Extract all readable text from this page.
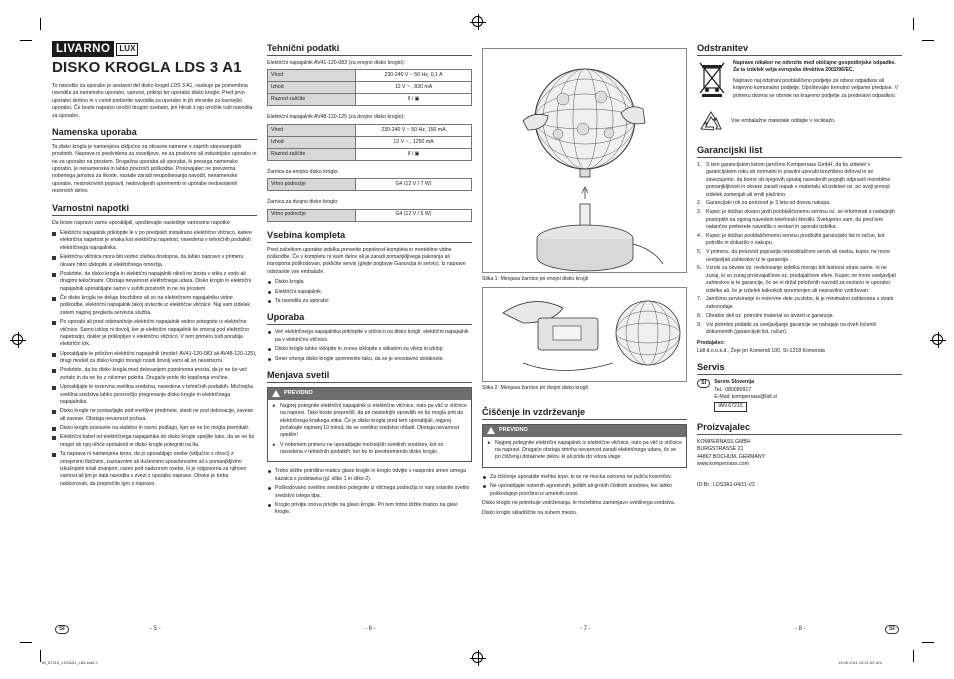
LIVARNO	LUX
DISKO KROGLA LDS 3 A1

To navodilo za uporabo je sestavni del diskо krogel LDS 3 A1, vsebuje pa pomembna navodila za namensko uporabo, varnost, priklop ter uporabo disko krogle. Pred prvo uporabo skrbno in v celoti preberite navodila za uporabo in jih shranite za kasnejšo uporabo. Če boste napravo izročili drugim osebam, jim hkrati z njo izročite tudi navodila za uporabo.

Namenska uporaba

Ta disko krogla je namenjena izključno za okrasne namene v zaprtih stanovanjskih prostorih. Naprava ni predvidena za osvetljevo, ne za poslovno ali industrijsko uporabo in ne za uporabo na prostem. Drugačna uporaba ali uporaba, ki presega namensko uporabo, je nenamenska in lahko povzroči poškodbe. Proizvajalec ne prevzema nobenega jamstva za škode, nastale zaradi neupoštevanja navodil, nenamenske uporabe, nestrokovnih popravil, nedovoljenih sprememb in uporabe nedovoljenih rezervnih delov.

Varnostni napotki

Da boste napravo varno uporabljali, upoštevajte naslednje varnostne napotke:

Električni napajalnik priklopite le v po predpisih instalirano električno vtičnico, katere električna napetost je enaka kot električna napetost, navedena v tehničnih podatkih električnega napajalnika.
Električna vtičnica mora biti vedno zlahka dostopna, da lahko napravo v primeru okvare hitro izklopite iz električnega omrežja.
Poskrbite, da disko krogla in električni napajalnik nikoli ne bosta v stiku z vodo ali drugimi tekočinami. Obstaja nevarnost električnega udara. Disko kroglo in električni napajalnik uporabljajte samo v suhih prostorih in ne na prostem.
Če disko krogla ne deluje brezhibno ali so na električnem napajalniku vidne poškodbe, električni napajalnik takoj izvlecite iz električne vtičnice. Naj vam izdelek zatem najprej pregleda servisna služba.
Po uporabi ali pred odstranitvijo električni napajalnik vedno potegnite iz električne vtičnice. Samo izklop ni dovolj, ker je električni napajalnik še zmeraj pod električno napetostjo, dokler je priklopljen v električno vtičnico. V tem primeru tudi porablja električni tok.
Uporabljajte le priložen električni napajalnik (model: AV41-120-083 ali AV48-120-125), drugi modeli za disko kroglo morajo nositi dovolj varni ali so neustrezni.
Poskrbite, da bo disko krogla med delovanjem popolnoma prosta, da je ne bo več zvrtalo in da ne bo z ničemer pokrita. Drugače pride do kopičenja vročine.
Uporabljajte le rezervna svetilna sredstva, navedena v tehničnih podatkih. Močnejša svetilna sredstva lahko povzročijo pregrevanje disko krogle in električnega napajalnika.
Disko krogle ne postavljajte pod vnetljive predmete, zlasti ne pod dekoracije, zavese ali zavese. Obstaja nevarnost požara.
Disko kroglo postavite na stabilno in ravno podlago, kjer se ne bo mogla premikati.
Električni kabel od električnega napajalnika do disko krogle speljite tako, da se ne bo mogel ob njej nihče spotakniti in disko krogle potegniti na tla.
Ta naprava ni namenjena temu, da jo uporabljajo osebe (vključno z otroci) z omejenimi fizičnimi, zaznavnimi ali duševnimi sposobnostmi ali s pomanjkljivimi izkušnjami in/ali znanjem, razen pod nadzorom osebe, ki je odgovorna za njihovo varnost ali jim je dala navodila v zvezi z uporabo naprave. Otroke je treba nadzorovati, da preprečite igro z napravo.
Tehnični podatki
Električni napajalnik AV41-120-083 (za enojno disko kroglo):
Vhod	230-240 V ~ 50 Hz, 0,1 A
Izhod	12 V ~ , 830 mA
Razred zaščite	II / ▣
Električni napajalnik AV48-120-125 (za dvojno disko kroglo):
Vhod	230-240 V ~ 50 Hz, 150 mA
Izhod	12 V ~ , 1250 mA
Razred zaščite	II / ▣
Žarnica za enojno disko kroglo:
Vrtno podnožje	G4 (12 V / 7 W)
Žarnica za dvojno disko kroglo:
Vrtno podnožje	G4 (12 V / 5 W)
Vsebina kompleta

Pred začetkom uporabe izdelka preverite popolnost kompleta in morebitne vidne poškodbe. Če v kompletu ni vseh delov ali je zaradi pomanjkljivega pakiranja ali transporta poškodovan, pokličite servis (glejte poglavje Garancija in servis). Iz naprave odstranite vse embalaže.

Disko krogla
Električni napajalnik
Ta navodila za uporabo
Uporaba
Več električnega napajalnika priklopite v vtičnico na disko krogli; električni napajalnik pa v električno vtičnico.
Disko kroglo lahko vklopite in znova izklopite s stikalom za vklop in izklop.
Smer vrtenja disko krogle spremenite tako, da se je enostavno dotaknete.
Menjava svetil
PREVIDNO
► Najprej potegnite električni napajalnik iz električne vtičnice, nato pa vtič iz vtičnice na napravi. Tako boste preprečili, da pri naslednjih opravilih ne bo mogla priti do električnega kratkega stika. Če je disko krogla pred tem uporabljali, najprej počakajte najmanj 10 minut, da se svetilno sredstvo ohladi. Obstaja nevarnost opeklin!
► V nobenem primeru ne uporabljajte močnejših svetilnih sredstev, kot so navedena v tehničnih podatkih, ker bo to preobremenilo disko kroglo.
Trdno držite pritrdilno matico glave krogle in kroglo odvijte v nasprotni smeri urnega kazalca s podstavka (gl. sliko 1 in sliko 2).
Poškodovano svetilno sredstvo potegnite iz vtičnega podnožja in vanj vstavite svetilo sredstvo istega tipa.
Kroglo privijte znova privijte na glavo krogle. Pri tem trdno držite matico na glavi krogle.
Slika 1: Menjava žarnice pri enojni disko krogli
Slika 2: Menjava žarnice pri dvojni disko krogli
Čiščenje in vzdrževanje
PREVIDNO
► Najprej potegnite električni napajalnik iz električne vtičnice, nato pa vtič iz vtičnice na napravi. Drugače obstaja strinha nevarnost zaradi električnega udara, če se pri čiščenju dotaknete delov, ki ali pride do vdora vlage.
Za čiščenje uporabite mehko krpo, ki se ne mucka oziroma ne pušča kosmičev.
Ne uporabljajte nobenih agresivnih, jedkih ali grobih čistilnih sredstev, ker lahko poškodujejo površino iz umetnih snovi.

Disko kroglo ne potrebuje vzdrževanja, le morebitno zamenjavo svetilnega sredstva.

Disko kroglo skladiščite na suhem mestu.

Odstranitev

Naprave nikakor ne odvrzite med običajne gospodinjske odpadke. Za ta izdelek velja evropska direktiva 2002/96/EC.

Napravo naj odstrani pooblaščeno podjetje za odvoz odpadkov ali krajevno komunalno podjetje. Upoštevajte trenutno veljavne predpise. V primeru dvoma se obrnite na krajevno podjetje za predelavo odpadkov.

Vse embalažne materiale oddajte v reciklažo.
Garancijski list
1. S tem garancijskim listom jamčimo Kompernass GmbH, da bo izdelek v garancijskem roku ob normalni in pravilni uporabi brezhibno deloval in se zavezujemo, da bomo ob njegovih spodaj navedenih pogojih odpravili morebitne pomanjkljivosti in okvare zaradi napak v materialu ali izdelavi oz. po svoji presoji izdelek zamenjali ali vrnili plačnino.
2. Garancijski rok za proizvod je 3 leta od dneva nakupa.
3. Kupec je dolžan okvaro javiti pooblaščenemu servisu oz. se informirati o nadaljnjih postopkih na zgoraj navedeni telefonski številki. Svetujemo vam, da pred tem natančno preberete navodila o sestavi in uporabi izdelka.
4. Kupec je dolžan pooblaščenemu servisu predložiti garancijski list in račun, kot potrdilo in dokazilo o nakupu.
5. V primeru, da proizvod popravlja nepooblaščeni servis ali oseba, kupec ne more uveljavljati zahtevkov iz te garancije.
6. Vzroki za okvare oz. nedelovanje izdelka morajo biti lastnost strani same, in ne zunaj, ki so zunaj proizvajalčeve oz. prodajalčeve sfere. Kupec ne more uveljavljati zahtevkov iz te garancije, če se ni držal priloženih navodil za sestavo in uporabo izdelka ali, če je izdelek kakorkoli spremenjen ali nepravilno vzdrževan.
7. Jamčimo servisiranje in rezervne dele za dobo, ki je minimalno zahtevana s strani zakonodaje.
8. Obrabni deli oz. potrošni material so izvzeti iz garancije.
9. Vsi potrebni podatki za uveljavljanje garancije se nahajajo na dveh ločenih dokumentih (garancijski list, račun).

Prodajalec:

Lidl d.o.o.k.d., Žeje pri Komendi 100, SI-1218 Komenda

Servis
SI	Servis Slovenija
Tel.: 080080917
E-Mail: kompernass@lidl.si
IAN 67215
Proizvajalec
KOMPERNASS GMBH
BURGSTRASSE 21
44867 BOCHUM, GERMANY
www.kompernass.com

ID-Br.: LDS3A1-04/11-V2

SI	- 5 -	- 6 -	- 7 -	- 8 -	SI
IB_67215_LDS3A1_LB4.indd 2	19.05.2011 13:21:03 Uhr
